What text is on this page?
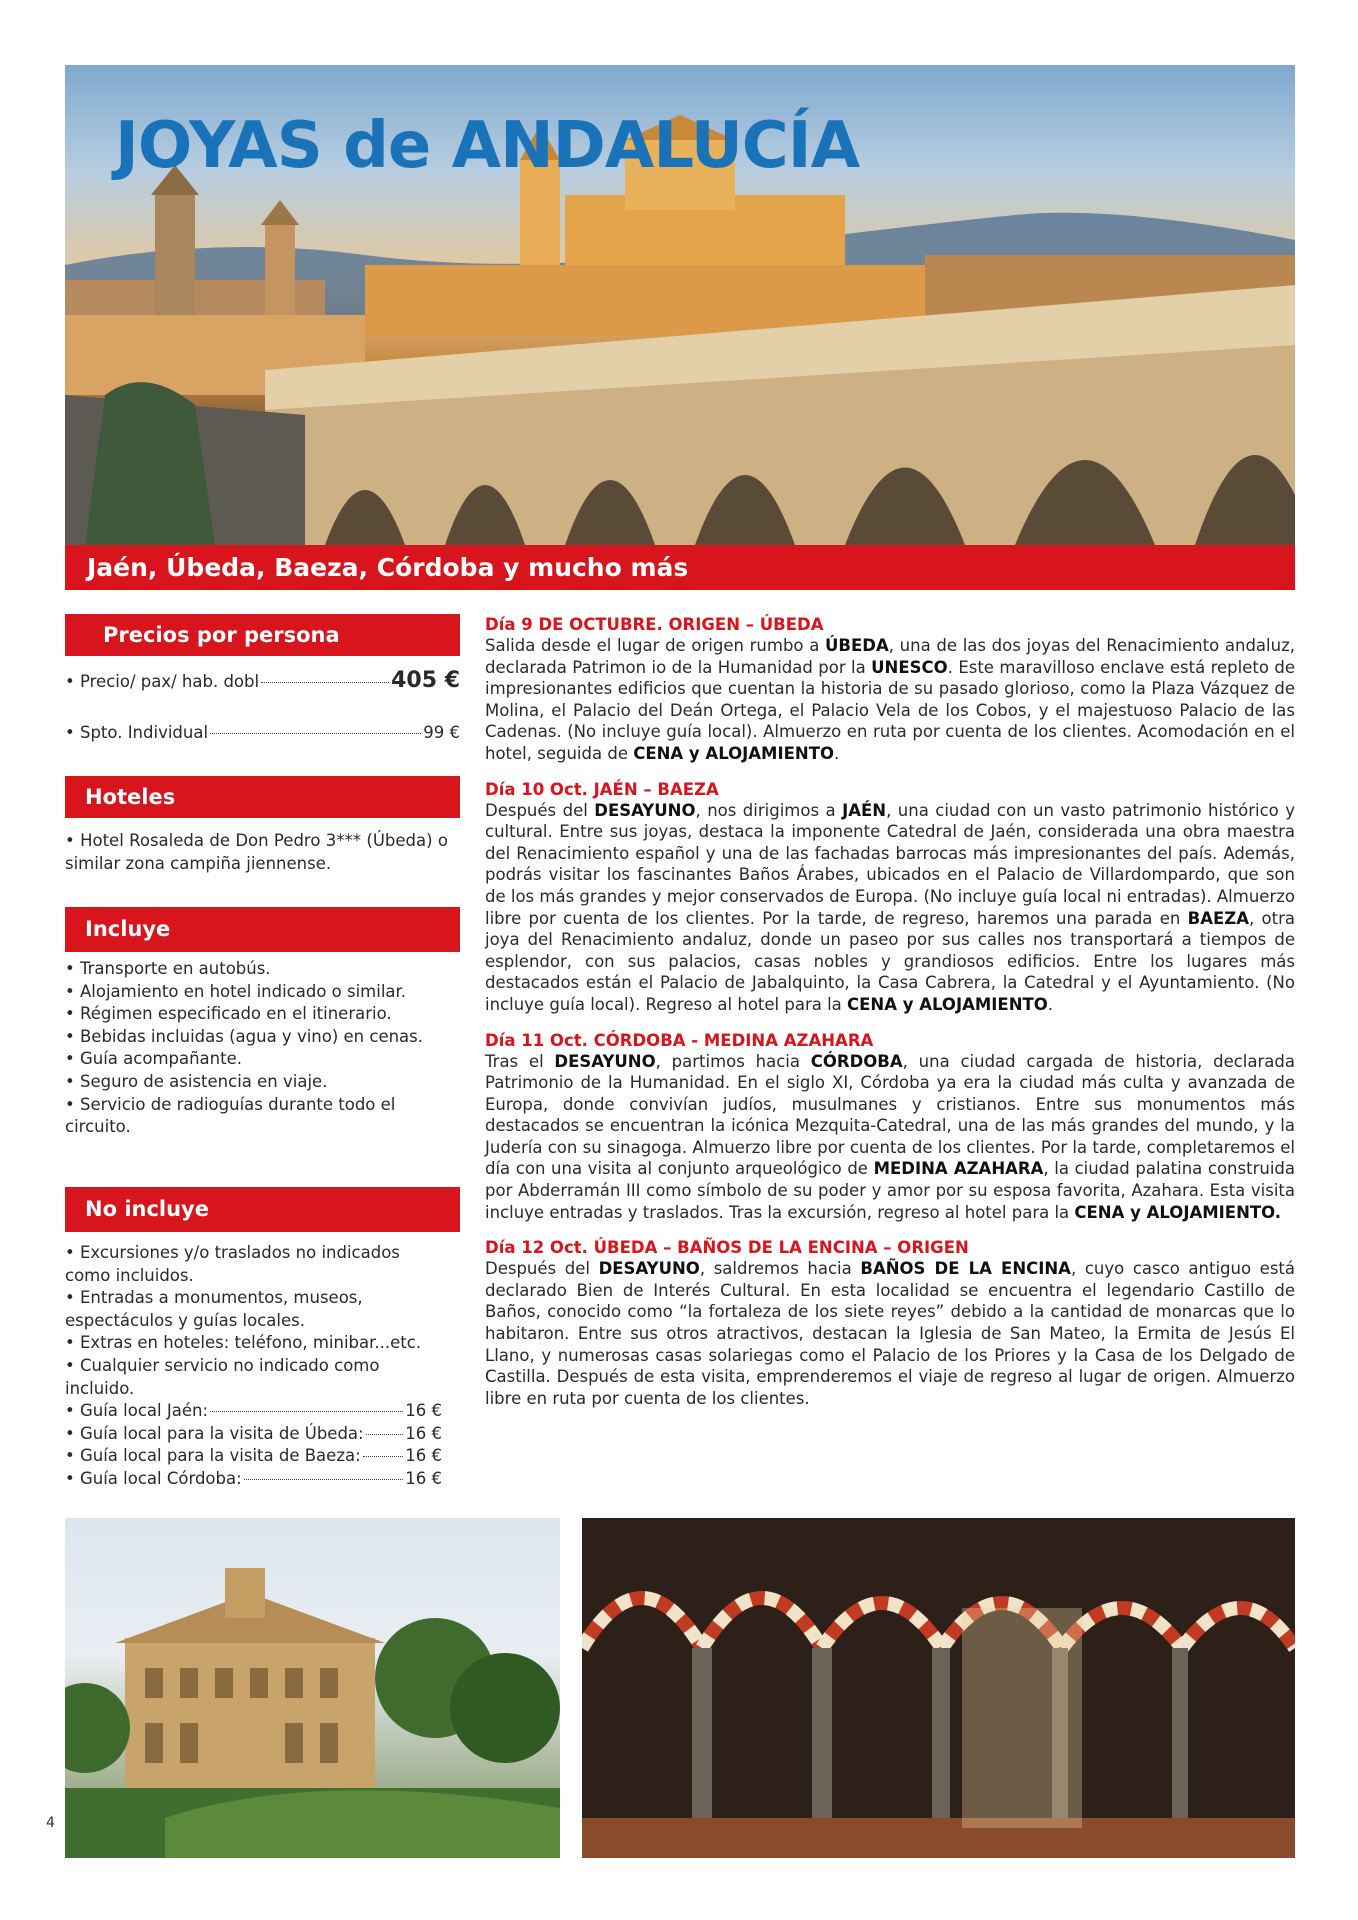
JOYAS de ANDALUCÍA
Jaén, Úbeda, Baeza, Córdoba y mucho más
Precios por persona
• Precio/ pax/ hab. dobl	405 €
• Spto. Individual	99 €
Hoteles

• Hotel Rosaleda de Don Pedro 3*** (Úbeda) o similar zona campiña jiennense.

Incluye
• Transporte en autobús.
• Alojamiento en hotel indicado o similar.
• Régimen especificado en el itinerario.
• Bebidas incluidas (agua y vino) en cenas.
• Guía acompañante.
• Seguro de asistencia en viaje.
• Servicio de radioguías durante todo el circuito.
No incluye
• Excursiones y/o traslados no indicados como incluidos.
• Entradas a monumentos, museos, espectáculos y guías locales.
• Extras en hoteles: teléfono, minibar...etc.
• Cualquier servicio no indicado como incluido.
• Guía local Jaén:	16 €
• Guía local para la visita de Úbeda:	16 €
• Guía local para la visita de Baeza:	16 €
• Guía local Córdoba:	16 €

Día 9 DE OCTUBRE. ORIGEN – ÚBEDA

Salida desde el lugar de origen rumbo a ÚBEDA, una de las dos joyas del Renacimiento andaluz, declarada Patrimon io de la Humanidad por la UNESCO. Este maravilloso enclave está repleto de impresionantes edificios que cuentan la historia de su pasado glorioso, como la Plaza Vázquez de Molina, el Palacio del Deán Ortega, el Palacio Vela de los Cobos, y el majestuoso Palacio de las Cadenas. (No incluye guía local). Almuerzo en ruta por cuenta de los clientes. Acomodación en el hotel, seguida de CENA y ALOJAMIENTO.

Día 10 Oct. JAÉN – BAEZA

Después del DESAYUNO, nos dirigimos a JAÉN, una ciudad con un vasto patrimonio histórico y cultural. Entre sus joyas, destaca la imponente Catedral de Jaén, considerada una obra maestra del Renacimiento español y una de las fachadas barrocas más impresionantes del país. Además, podrás visitar los fascinantes Baños Árabes, ubicados en el Palacio de Villardompardo, que son de los más grandes y mejor conservados de Europa. (No incluye guía local ni entradas). Almuerzo libre por cuenta de los clientes. Por la tarde, de regreso, haremos una parada en BAEZA, otra joya del Renacimiento andaluz, donde un paseo por sus calles nos transportará a tiempos de esplendor, con sus palacios, casas nobles y grandiosos edificios. Entre los lugares más destacados están el Palacio de Jabalquinto, la Casa Cabrera, la Catedral y el Ayuntamiento. (No incluye guía local). Regreso al hotel para la CENA y ALOJAMIENTO.

Día 11 Oct. CÓRDOBA - MEDINA AZAHARA

Tras el DESAYUNO, partimos hacia CÓRDOBA, una ciudad cargada de historia, declarada Patrimonio de la Humanidad. En el siglo XI, Córdoba ya era la ciudad más culta y avanzada de Europa, donde convivían judíos, musulmanes y cristianos. Entre sus monumentos más destacados se encuentran la icónica Mezquita-Catedral, una de las más grandes del mundo, y la Judería con su sinagoga. Almuerzo libre por cuenta de los clientes. Por la tarde, completaremos el día con una visita al conjunto arqueológico de MEDINA AZAHARA, la ciudad palatina construida por Abderramán III como símbolo de su poder y amor por su esposa favorita, Azahara. Esta visita incluye entradas y traslados. Tras la excursión, regreso al hotel para la CENA y ALOJAMIENTO.

Día 12 Oct. ÚBEDA – BAÑOS DE LA ENCINA – ORIGEN

Después del DESAYUNO, saldremos hacia BAÑOS DE LA ENCINA, cuyo casco antiguo está declarado Bien de Interés Cultural. En esta localidad se encuentra el legendario Castillo de Baños, conocido como “la fortaleza de los siete reyes” debido a la cantidad de monarcas que lo habitaron. Entre sus otros atractivos, destacan la Iglesia de San Mateo, la Ermita de Jesús El Llano, y numerosas casas solariegas como el Palacio de los Priores y la Casa de los Delgado de Castilla. Después de esta visita, emprenderemos el viaje de regreso al lugar de origen. Almuerzo libre en ruta por cuenta de los clientes.

4
